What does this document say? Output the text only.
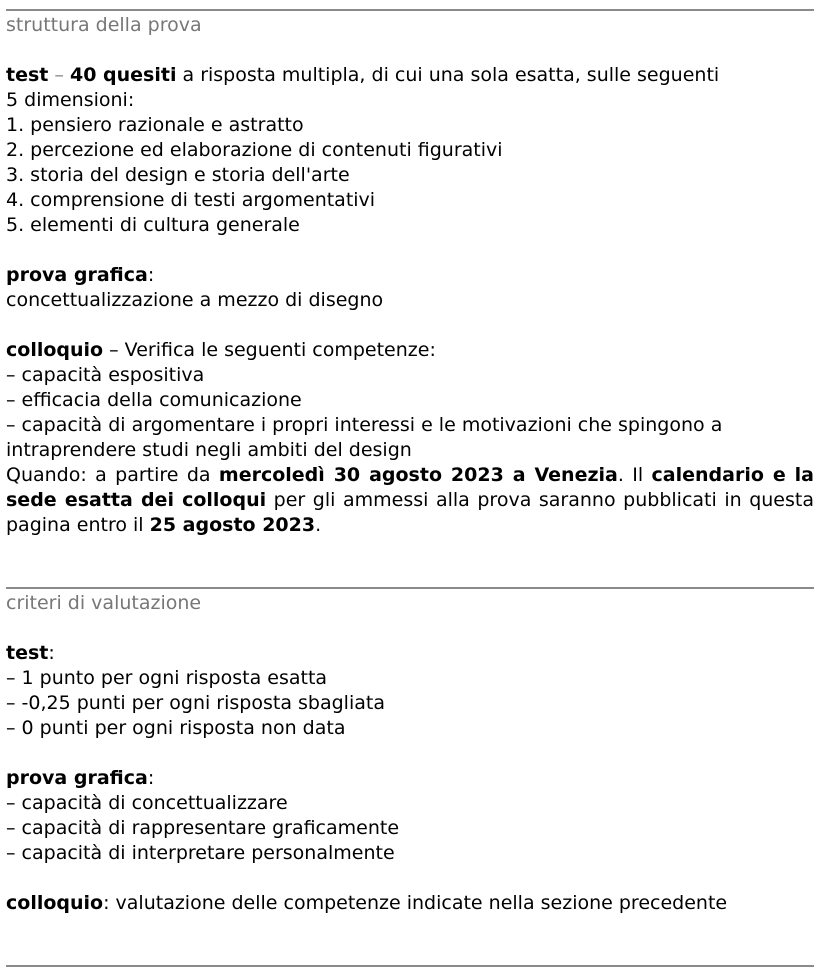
struttura della prova
test – 40 quesiti a risposta multipla, di cui una sola esatta, sulle seguenti
5 dimensioni:
1. pensiero razionale e astratto
2. percezione ed elaborazione di contenuti figurativi
3. storia del design e storia dell'arte
4. comprensione di testi argomentativi
5. elementi di cultura generale
prova grafica:
concettualizzazione a mezzo di disegno
colloquio – Verifica le seguenti competenze:
– capacità espositiva
– efficacia della comunicazione
– capacità di argomentare i propri interessi e le motivazioni che spingono a
intraprendere studi negli ambiti del design
Quando: a partire da mercoledì 30 agosto 2023 a Venezia. Il calendario e la sede esatta dei colloqui per gli ammessi alla prova saranno pubblicati in questa pagina entro il 25 agosto 2023.
criteri di valutazione
test:
– 1 punto per ogni risposta esatta
– -0,25 punti per ogni risposta sbagliata
– 0 punti per ogni risposta non data
prova grafica:
– capacità di concettualizzare
– capacità di rappresentare graficamente
– capacità di interpretare personalmente
colloquio: valutazione delle competenze indicate nella sezione precedente
